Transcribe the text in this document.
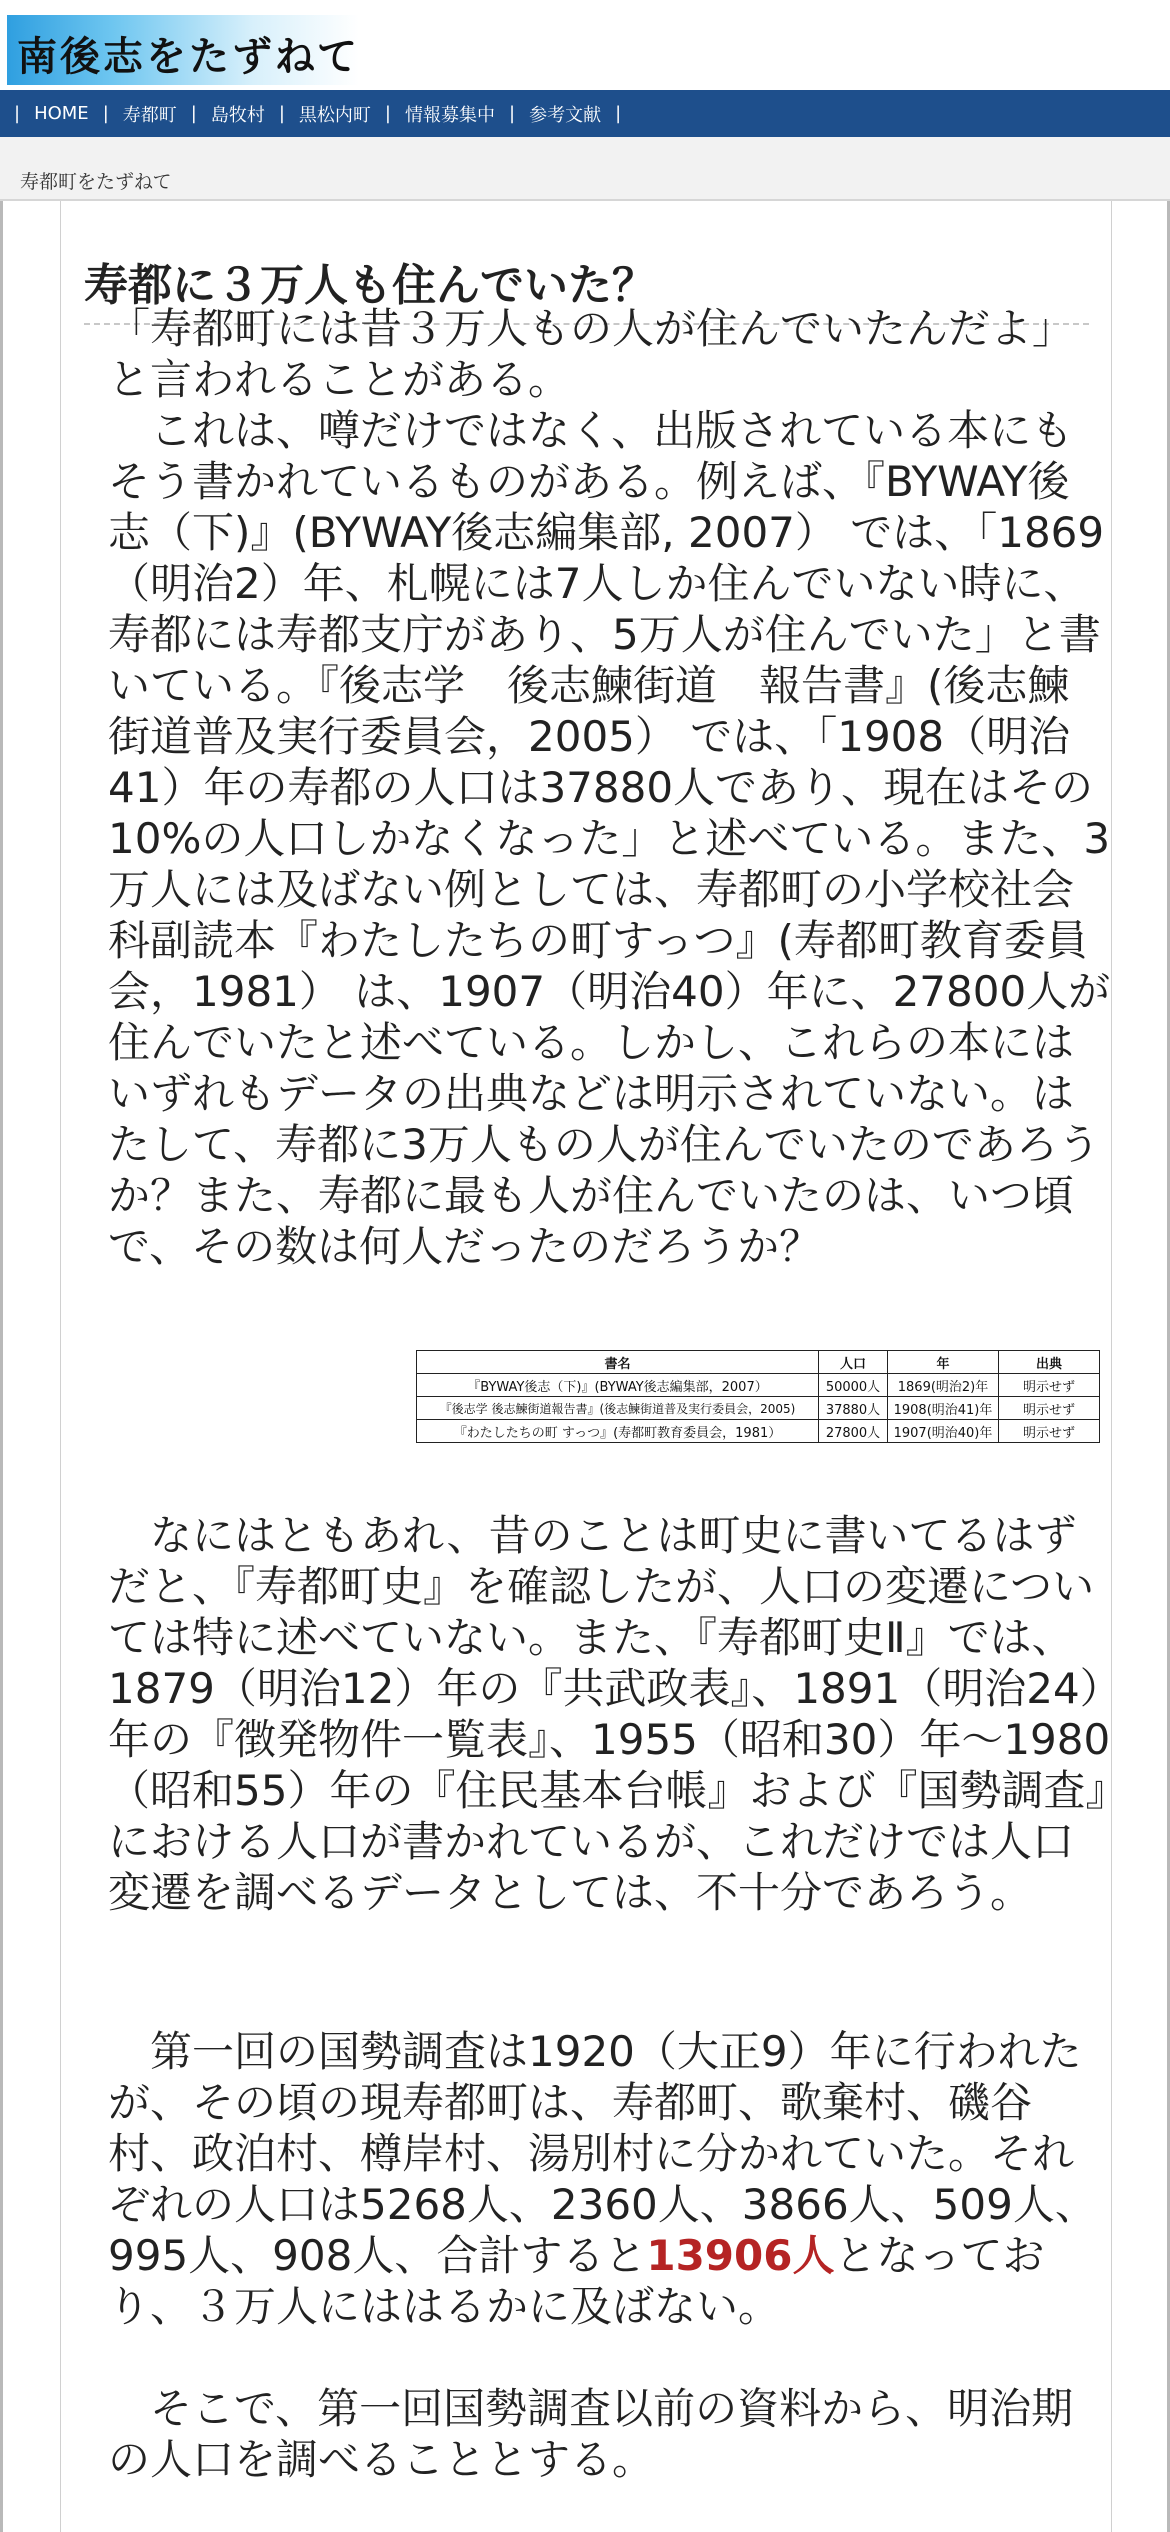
南後志をたずねて
| HOME | 寿都町 | 島牧村 | 黒松内町 | 情報募集中 | 参考文献 |
寿都町をたずねて
寿都に３万人も住んでいた？

「寿都町には昔３万人もの人が住んでいたんだよ」と言われることがある。
　これは、噂だけではなく、出版されている本にもそう書かれているものがある。例えば、『BYWAY後志（下)』(BYWAY後志編集部, 2007） では、｢1869（明治2）年、札幌には7人しか住んでいない時に、寿都には寿都支庁があり、5万人が住んでいた」と書いている。『後志学　後志鰊街道　報告書』(後志鰊街道普及実行委員会，2005） では、｢1908（明治41）年の寿都の人口は37880人であり、現在はその10%の人口しかなくなった」と述べている。また、3万人には及ばない例としては、寿都町の小学校社会科副読本『わたしたちの町すっつ』(寿都町教育委員会，1981） は、1907（明治40）年に、27800人が住んでいたと述べている。しかし、これらの本にはいずれもデータの出典などは明示されていない。はたして、寿都に3万人もの人が住んでいたのであろうか？また、寿都に最も人が住んでいたのは、いつ頃で、その数は何人だったのだろうか？

書名	人口	年	出典
『BYWAY後志（下)』(BYWAY後志編集部，2007）	50000人	1869(明治2)年	明示せず
『後志学 後志鰊街道報告書』(後志鰊街道普及実行委員会，2005)	37880人	1908(明治41)年	明示せず
『わたしたちの町 すっつ』(寿都町教育委員会，1981）	27800人	1907(明治40)年	明示せず

　なにはともあれ、昔のことは町史に書いてるはずだと、『寿都町史』を確認したが、人口の変遷については特に述べていない。また、『寿都町史Ⅱ』では、1879（明治12）年の『共武政表』、1891（明治24）年の『徴発物件一覧表』、1955（昭和30）年～1980（昭和55）年の『住民基本台帳』および『国勢調査』における人口が書かれているが、これだけでは人口変遷を調べるデータとしては、不十分であろう。

　第一回の国勢調査は1920（大正9）年に行われたが、その頃の現寿都町は、寿都町、歌棄村、磯谷村、政泊村、樽岸村、湯別村に分かれていた。それぞれの人口は5268人、2360人、3866人、509人、995人、908人、合計すると13906人となっており、３万人にははるかに及ばない。

　そこで、第一回国勢調査以前の資料から、明治期の人口を調べることとする。
